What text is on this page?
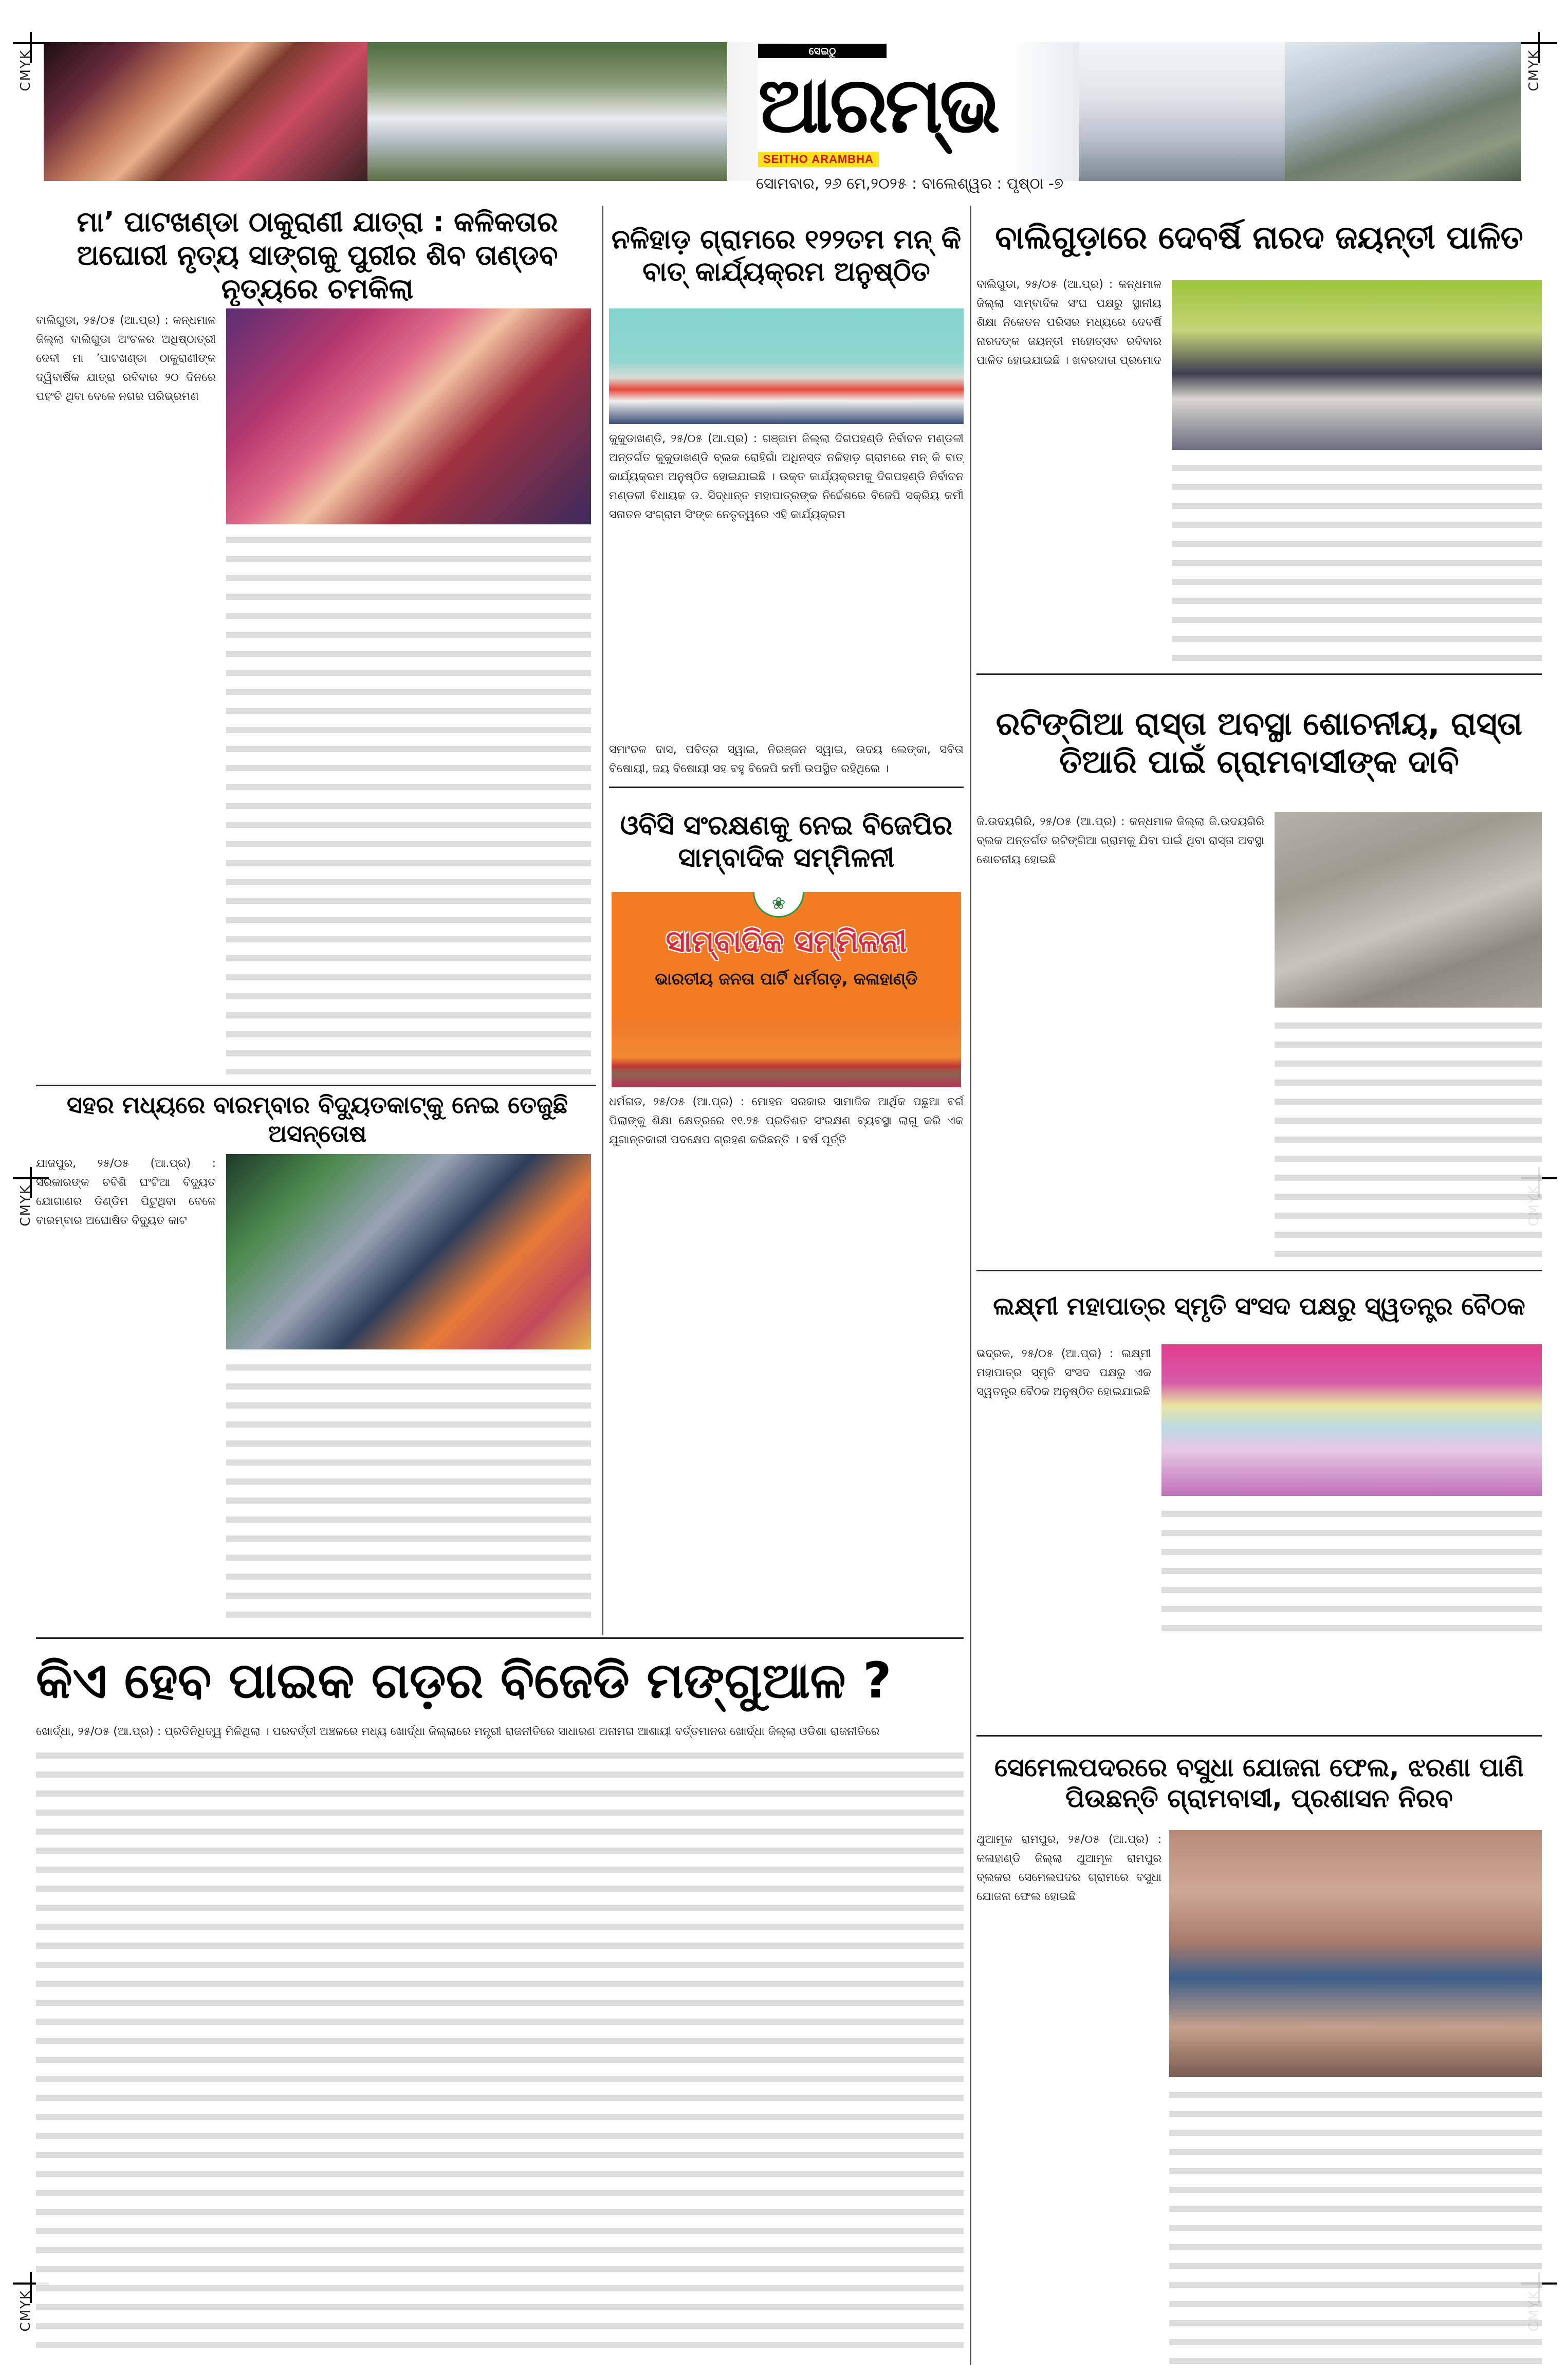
CMYK	CMYK
CMYK
CMYK
ସେଇଠୁ
ଆରମ୍ଭ
SEITHO ARAMBHA
ସୋମବାର, ୨୬ ମେ,୨୦୨୫ : ବାଲେଶ୍ୱର : ପୃଷ୍ଠା -୭
ମା’ ପାଟଖଣ୍ଡା ଠାକୁରାଣୀ ଯାତ୍ରା : କଳିକତାର ଅଘୋରୀ ନୃତ୍ୟ ସାଙ୍ଗକୁ ପୁରୀର ଶିବ ତାଣ୍ଡବ ନୃତ୍ୟରେ ଚମକିଲା
ବାଲିଗୁଡା, ୨୫/୦୫ (ଆ.ପ୍ର) : କନ୍ଧମାଳ ଜିଲ୍ଲା ବାଲିଗୁଡା ଅଂଚଳର ଅଧିଷ୍ଠାତ୍ରୀ ଦେବୀ ମା ’ପାଟଖଣ୍ଡା ଠାକୁରାଣୀଙ୍କ ଦ୍ୱିବାର୍ଷିକ ଯାତ୍ରା ରବିବାର ୨୦ ଦିନରେ ପହଂଚି ଥିବା ବେଳେ ନଗର ପରିଭ୍ରମଣ
ନଳିହାଡ଼ ଗ୍ରାମରେ ୧୨୨ତମ ମନ୍ କି ବାତ୍ କାର୍ଯ୍ୟକ୍ରମ ଅନୁଷ୍ଠିତ
କୁକୁଡାଖଣ୍ଡି, ୨୫/୦୫ (ଆ.ପ୍ର) : ଗଞ୍ଜାମ ଜିଲ୍ଲା ଦିଗପହଣ୍ଡି ନିର୍ବାଚନ ମଣ୍ଡଳୀ ଅନ୍ତର୍ଗତ କୁକୁଡାଖଣ୍ଡି ବ୍ଲକ ରୋହିଗାଁ ଅଧିନସ୍ତ ନଳିହାଡ଼ ଗ୍ରାମରେ ମନ୍ କି ବାତ୍ କାର୍ଯ୍ୟକ୍ରମ ଅନୁଷ୍ଠିତ ହୋଇଯାଇଛି । ଉକ୍ତ କାର୍ଯ୍ୟକ୍ରମକୁ ଦିଗପହଣ୍ଡି ନିର୍ବାଚନ ମଣ୍ଡଳୀ ବିଧାୟକ ଡ. ସିଦ୍ଧାନ୍ତ ମହାପାତ୍ରଙ୍କ ନିର୍ଦ୍ଦେଶରେ ବିଜେପି ସକ୍ରିୟ କର୍ମୀ ସନାତନ ସଂଗ୍ରାମ ସିଂଙ୍କ ନେତୃତ୍ୱରେ ଏହି କାର୍ଯ୍ୟକ୍ରମ
ସମାଂଚଳ ଦାସ, ପବିତ୍ର ସ୍ୱାଇ, ନିରଞ୍ଜନ ସ୍ୱାଇ, ଉଦୟ ଲେଙ୍କା, ସବିତା ବିଷୋୟୀ, ଜୟ ବିଷୋୟୀ ସହ ବହୁ ବିଜେପି କର୍ମୀ ଉପସ୍ଥିତ ରହିଥିଲେ ।
ଓବିସି ସଂରକ୍ଷଣକୁ ନେଇ ବିଜେପିର ସାମ୍ବାଦିକ ସମ୍ମିଳନୀ
❀
ସାମ୍ବାଦିକ ସମ୍ମିଳନୀ
ଭାରତୀୟ ଜନତା ପାର୍ଟି ଧର୍ମଗଡ଼, କଳାହାଣ୍ଡି
ଧର୍ମଗଡ, ୨୫/୦୫ (ଆ.ପ୍ର) : ମୋହନ ସରକାର ସାମାଜିକ ଆର୍ଥିକ ପଛୁଆ ବର୍ଗ ପିଲାଙ୍କୁ ଶିକ୍ଷା କ୍ଷେତ୍ରରେ ୧୧.୨୫ ପ୍ରତିଶତ ସଂରକ୍ଷଣ ବ୍ୟବସ୍ଥା ଲାଗୁ କରି ଏକ ଯୁଗାନ୍ତକାରୀ ପଦକ୍ଷେପ ଗ୍ରହଣ କରିଛନ୍ତି । ବର୍ଷ ପୂର୍ତ୍ତି
ସହର ମଧ୍ୟରେ ବାରମ୍ବାର ବିଦ୍ୟୁତକାଟ୍‌କୁ ନେଇ ତେଜୁଛି ଅସନ୍ତୋଷ
ଯାଜପୁର, ୨୫/୦୫ (ଆ.ପ୍ର) : ସରକାରଙ୍କ ଚବିଶି ଘଂଟିଆ ବିଦ୍ୟୁତ ଯୋଗାଣର ଡିଣ୍ଡିମ ପିଟୁଥିବା ବେଳେ ବାରମ୍ବାର ଅଘୋଷିତ ବିଦ୍ୟୁତ କାଟ
ବାଲିଗୁଡ଼ାରେ ଦେବର୍ଷି ନାରଦ ଜୟନ୍ତୀ ପାଳିତ
ବାଲିଗୁଡା, ୨୫/୦୫ (ଆ.ପ୍ର) : କନ୍ଧମାଳ ଜିଲ୍ଲା ସାମ୍ବାଦିକ ସଂଘ ପକ୍ଷରୁ ସ୍ଥାନୀୟ ଶିକ୍ଷା ନିକେତନ ପରିସର ମଧ୍ୟରେ ଦେବର୍ଷି ନାରଦଙ୍କ ଜୟନ୍ତୀ ମହୋତ୍ସବ ରବିବାର ପାଳିତ ହୋଇଯାଇଛି । ଖବରଦାତା ପ୍ରମୋଦ
ରଟିଙ୍ଗିଆ ରାସ୍ତା ଅବସ୍ଥା ଶୋଚନୀୟ, ରାସ୍ତା ତିଆରି ପାଇଁ ଗ୍ରାମବାସୀଙ୍କ ଦାବି
ଜି.ଉଦୟଗିରି, ୨୫/୦୫ (ଆ.ପ୍ର) : କନ୍ଧମାଳ ଜିଲ୍ଲା ଜି.ଉଦୟଗିରି ବ୍ଲକ ଅନ୍ତର୍ଗତ ରଟିଙ୍ଗିଆ ଗ୍ରାମକୁ ଯିବା ପାଇଁ ଥିବା ରାସ୍ତା ଅବସ୍ଥା ଶୋଚନୀୟ ହୋଇଛି
ଲକ୍ଷ୍ମୀ ମହାପାତ୍ର ସ୍ମୃତି ସଂସଦ ପକ୍ଷରୁ ସ୍ୱତନ୍ତ୍ର ବୈଠକ
ଭଦ୍ରକ, ୨୫/୦୫ (ଆ.ପ୍ର) : ଲକ୍ଷ୍ମୀ ମହାପାତ୍ର ସ୍ମୃତି ସଂସଦ ପକ୍ଷରୁ ଏକ ସ୍ୱତନ୍ତ୍ର ବୈଠକ ଅନୁଷ୍ଠିତ ହୋଇଯାଇଛି
କିଏ ହେବ ପାଇକ ଗଡ଼ର ବିଜେଡି ମଙ୍ଗୁଆଳ ?
ଖୋର୍ଦ୍ଧା, ୨୫/୦୫ (ଆ.ପ୍ର) : ପ୍ରତିନିଧିତ୍ୱ ମିଳିଥିଲା । ପରବର୍ତ୍ତୀ ଅଞ୍ଚଳରେ ମଧ୍ୟ ଖୋର୍ଦ୍ଧା ଜିଲ୍ଲାରେ ମନ୍ତ୍ରୀ ରାଜନୀତିରେ ସାଧାରଣ ଅନାମଗ ଆଶାୟୀ ବର୍ତ୍ତମାନର ଖୋର୍ଦ୍ଧା ଜିଲ୍ଲା ଓଡିଶା ରାଜନୀତିରେ
ସେମେଲପଦରରେ ବସୁଧା ଯୋଜନା ଫେଲ, ଝରଣା ପାଣି ପିଉଛନ୍ତି ଗ୍ରାମବାସୀ, ପ୍ରଶାସନ ନିରବ
ଥୁଆମୂଳ ରାମପୁର, ୨୫/୦୫ (ଆ.ପ୍ର) : କଳାହାଣ୍ଡି ଜିଲ୍ଲା ଥୁଆମୂଳ ରାମପୁର ବ୍ଲକର ସେମେଲପଦର ଗ୍ରାମରେ ବସୁଧା ଯୋଜନା ଫେଲ ହୋଇଛି
